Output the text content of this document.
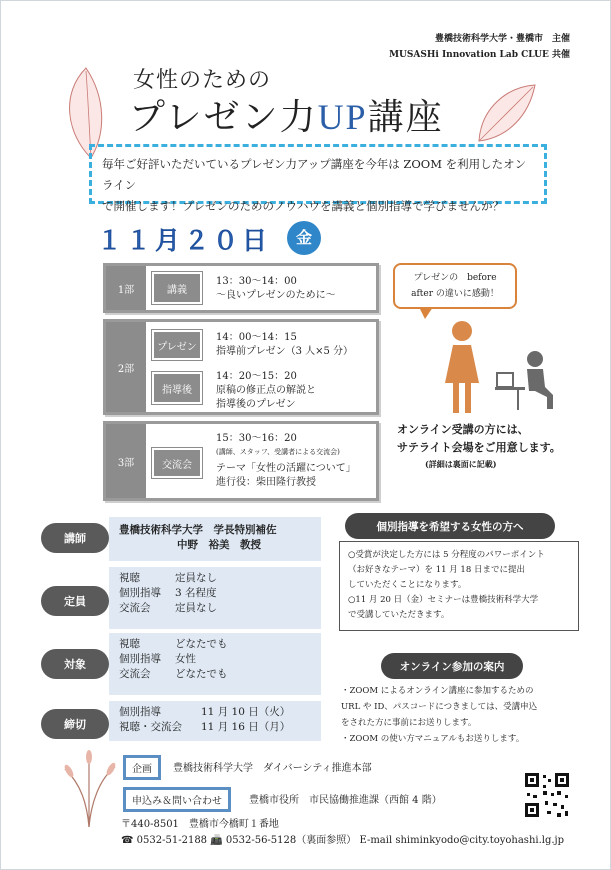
豊橋技術科学大学・豊橋市　主催
MUSASHi Innovation Lab CLUE 共催
女性のための
プレゼン力UP講座
毎年ご好評いただいているプレゼン力アップ講座を今年は ZOOM を利用したオンライン
で開催します！プレゼンのためのノウハウを講義と個別指導で学びませんか？
１１月２０日	金
1部	講義
13：30〜14：00
〜良いプレゼンのために〜
2部
プレゼン
14：00〜14：15
指導前プレゼン（3 人×5 分）
指導後
14：20〜15：20
原稿の修正点の解説と
指導後のプレゼン
3部	交流会
15：30〜16：20
(講師、スタッフ、受講者による交流会)
テーマ「女性の活躍について」
進行役：柴田隆行教授
プレゼンの　before
after の違いに感動！
オンライン受講の方には、
サテライト会場をご用意します。
(詳細は裏面に記載)
講師
豊橋技術科学大学　学長特別補佐
中野　裕美　教授
定員
視聴	定員なし
個別指導 3 名程度
交流会 定員なし
対象
視聴	どなたでも
個別指導 女性
交流会 どなたでも
締切
個別指導	11 月 10 日（火）
視聴・交流会 11 月 16 日（月）
個別指導を希望する女性の方へ
○受賞が決定した方には 5 分程度のパワーポイント
（お好きなテーマ）を 11 月 18 日までに提出
していただくことになります。
○11 月 20 日（金）セミナーは豊橋技術科学大学
で受講していただきます。
オンライン参加の案内
・ZOOM によるオンライン講座に参加するための
URL や ID、パスコードにつきましては、受講申込
をされた方に事前にお送りします。
・ZOOM の使い方マニュアルもお送りします。
企画	豊橋技術科学大学　ダイバーシティ推進本部
申込み＆問い合わせ	豊橋市役所　市民協働推進課（西館 4 階）
〒440-8501　豊橋市今橋町１番地
☎ 0532-51-2188 📠 0532-56-5128（裏面参照） E-mail shiminkyodo@city.toyohashi.lg.jp
